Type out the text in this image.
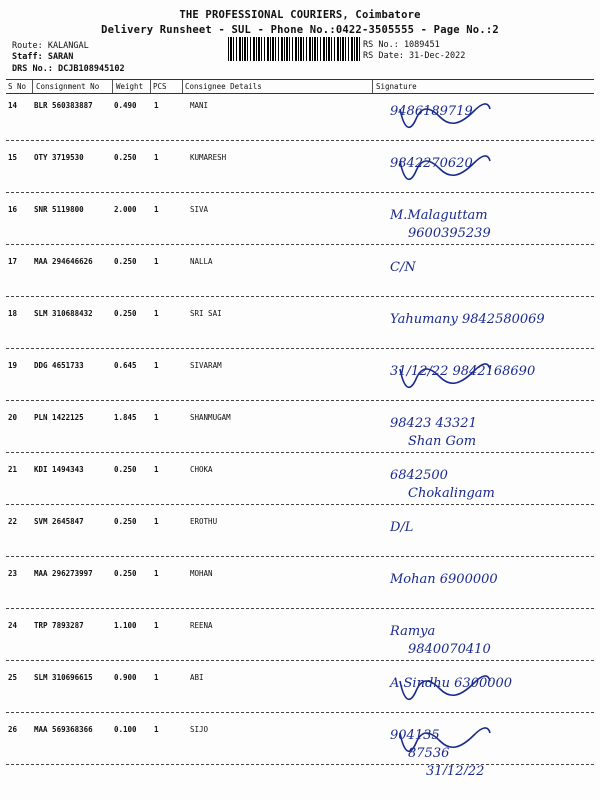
THE PROFESSIONAL COURIERS, Coimbatore
Delivery Runsheet - SUL - Phone No.:0422-3505555 - Page No.:2
Route: KALANGAL
Staff: SARAN
DRS No.: DCJB108945102
RS No.: 1089451
RS Date: 31-Dec-2022
S No Consignment No Weight PCS Consignee Details	Signature
14 BLR 560383887	0.490 1	MANI	9486189719
15 OTY 3719530	0.250 1	KUMARESH	9842270620
16 SNR 5119800	2.000 1	SIVA	M.Malaguttam
9600395239
17 MAA 294646626	0.250 1	NALLA	C/N
18 SLM 310688432	0.250 1	SRI SAI	Yahumany 9842580069
19 DDG 4651733	0.645 1	SIVARAM	31/12/22 9842168690
20 PLN 1422125	1.845 1	SHANMUGAM	98423 43321
Shan Gom
21 KDI 1494343	0.250 1	CHOKA	6842500
Chokalingam
22 SVM 2645847	0.250 1	EROTHU	D/L
23 MAA 296273997	0.250 1	MOHAN	Mohan 6900000
24 TRP 7893287	1.100 1	REENA	Ramya
9840070410
25 SLM 310696615	0.900 1	ABI	A.Sindhu 6300000
26 MAA 569368366	0.100 1	SIJO	904135
87536
31/12/22
